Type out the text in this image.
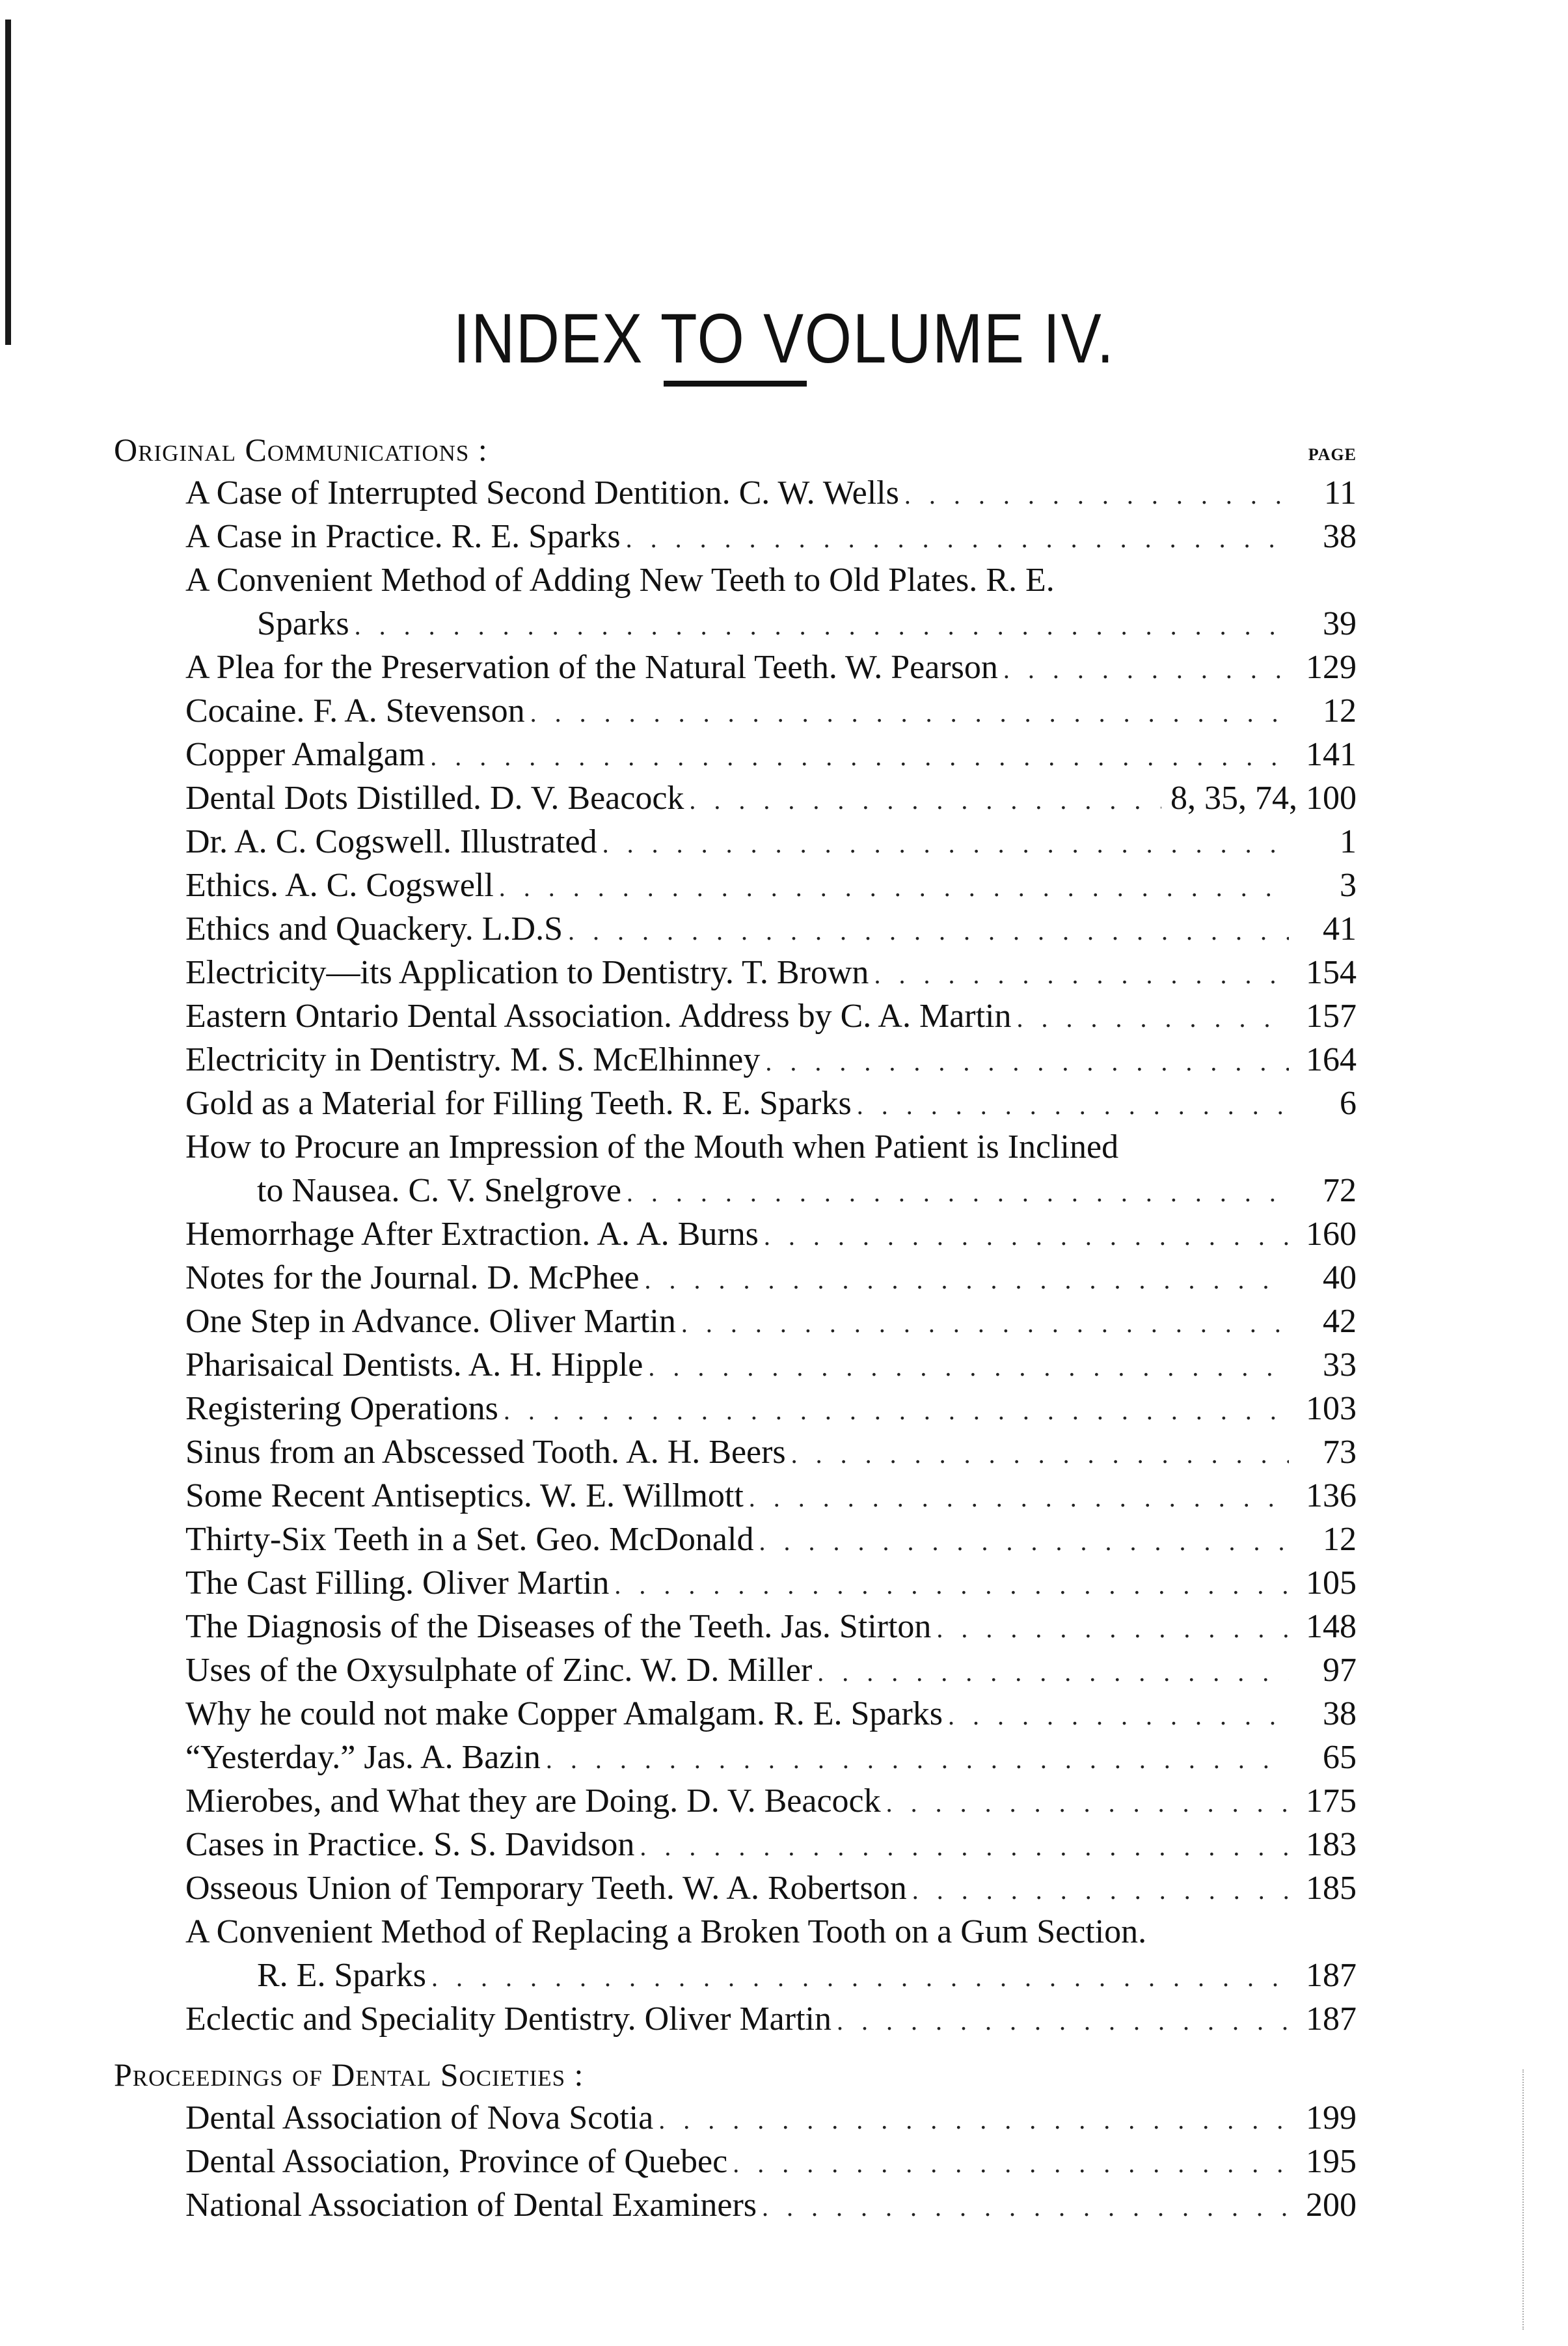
INDEX TO VOLUME IV.
Original Communications :	PAGE
A Case of Interrupted Second Dentition. C. W. Wells . . .	11
A Case in Practice. R. E. Sparks . . .	38
A Convenient Method of Adding New Teeth to Old Plates. R. E.
Sparks . . .	39
A Plea for the Preservation of the Natural Teeth. W. Pearson . . .	129
Cocaine. F. A. Stevenson . . .	12
Copper Amalgam . . .	141
Dental Dots Distilled. D. V. Beacock . . .	8, 35, 74, 100
Dr. A. C. Cogswell. Illustrated . . .	1
Ethics. A. C. Cogswell . . .	3
Ethics and Quackery. L.D.S . . .	41
Electricity—its Application to Dentistry. T. Brown . . .	154
Eastern Ontario Dental Association. Address by C. A. Martin . . .	157
Electricity in Dentistry. M. S. McElhinney . . .	164
Gold as a Material for Filling Teeth. R. E. Sparks . . .	6
How to Procure an Impression of the Mouth when Patient is Inclined
to Nausea. C. V. Snelgrove . . .	72
Hemorrhage After Extraction. A. A. Burns . . .	160
Notes for the Journal. D. McPhee . . .	40
One Step in Advance. Oliver Martin . . .	42
Pharisaical Dentists. A. H. Hipple . . .	33
Registering Operations . . .	103
Sinus from an Abscessed Tooth. A. H. Beers . . .	73
Some Recent Antiseptics. W. E. Willmott . . .	136
Thirty-Six Teeth in a Set. Geo. McDonald . . .	12
The Cast Filling. Oliver Martin . . .	105
The Diagnosis of the Diseases of the Teeth. Jas. Stirton . . .	148
Uses of the Oxysulphate of Zinc. W. D. Miller . . .	97
Why he could not make Copper Amalgam. R. E. Sparks . . .	38
“Yesterday.” Jas. A. Bazin . . .	65
Mierobes, and What they are Doing. D. V. Beacock . . .	175
Cases in Practice. S. S. Davidson . . .	183
Osseous Union of Temporary Teeth. W. A. Robertson . . .	185
A Convenient Method of Replacing a Broken Tooth on a Gum Section.
R. E. Sparks . . .	187
Eclectic and Speciality Dentistry. Oliver Martin . . .	187
Proceedings of Dental Societies :
Dental Association of Nova Scotia . . .	199
Dental Association, Province of Quebec . . .	195
National Association of Dental Examiners . . .	200
